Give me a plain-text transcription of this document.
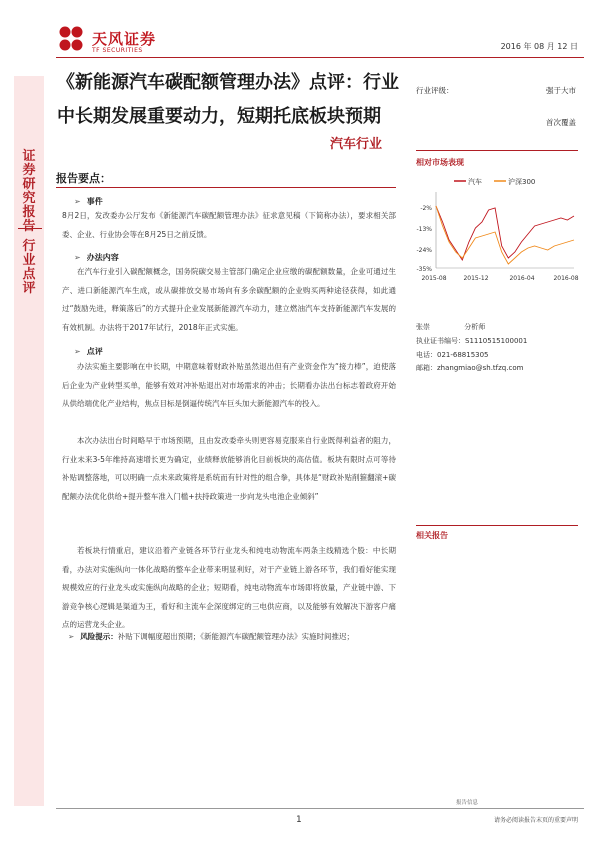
证券研究报告
行业点评
天风证券
TF SECURITIES	2016 年 08 月 12 日
《新能源汽车碳配额管理办法》点评：行业
中长期发展重要动力，短期托底板块预期
汽车行业
行业评级：	强于大市
首次覆盖
相对市场表现
汽车	沪深300
-2%
-13%
-24%
-35%
2015-08	2015-12	2016-04	2016-08
张崇	分析师
执业证书编号：S1110515100001
电话：021-68815305
邮箱：zhangmiao@sh.tfzq.com
相关报告
报告要点：
➢ 事件
8月2日，发改委办公厅发布《新能源汽车碳配额管理办法》征求意见稿（下简称办法），要求相关部委、企业、行业协会等在8月25日之前反馈。
➢ 办法内容
在汽车行业引入碳配额概念，国务院碳交易主管部门确定企业应缴的碳配额数量，企业可通过生产、进口新能源汽车生成，或从碳排放交易市场向有多余碳配额的企业购买两种途径获得，如此通过“鼓励先进，释策落后”的方式提升企业发展新能源汽车动力，建立燃油汽车支持新能源汽车发展的有效机制。办法将于2017年试行，2018年正式实施。
➢ 点评
办法实施主要影响在中长期，中期意味着财政补贴虽然退出但有产业资金作为“接力棒”，迫使落后企业为产业转型买单，能够有效对冲补贴退出对市场需求的冲击；长期看办法出台标志着政府开始从供给端优化产业结构，焦点目标是倒逼传统汽车巨头加大新能源汽车的投入。
本次办法出台时间略早于市场预期，且由发改委牵头则更容易克服来自行业既得利益者的阻力，行业未来3-5年维持高速增长更为确定，业绩释放能够消化目前板块的高估值。板块有限时点可等待补贴调整落地，可以明确一点未来政策将是系统而有针对性的组合拳，具体是“财政补贴削箍翻滚+碳配额办法优化供给+提升整车准入门槛+扶持政策进一步向龙头电池企业倾斜”
若板块行情重启，建议沿着产业链各环节行业龙头和纯电动物流车两条主线精选个股：中长期看，办法对实施纵向一体化战略的整车企业带来明显利好，对于产业链上游各环节，我们看好能实现规模效应的行业龙头或实施纵向战略的企业；短期看，纯电动物流车市场即将放量，产业链中游、下游竞争核心逻辑是渠道为王，看好和主流车企深度绑定的三电供应商，以及能够有效解决下游客户痛点的运营龙头企业。
➢ 风险提示：补贴下调幅度超出预期；《新能源汽车碳配额管理办法》实施时间推迟；
报告信息
1	请务必阅读报告末页的重要声明
